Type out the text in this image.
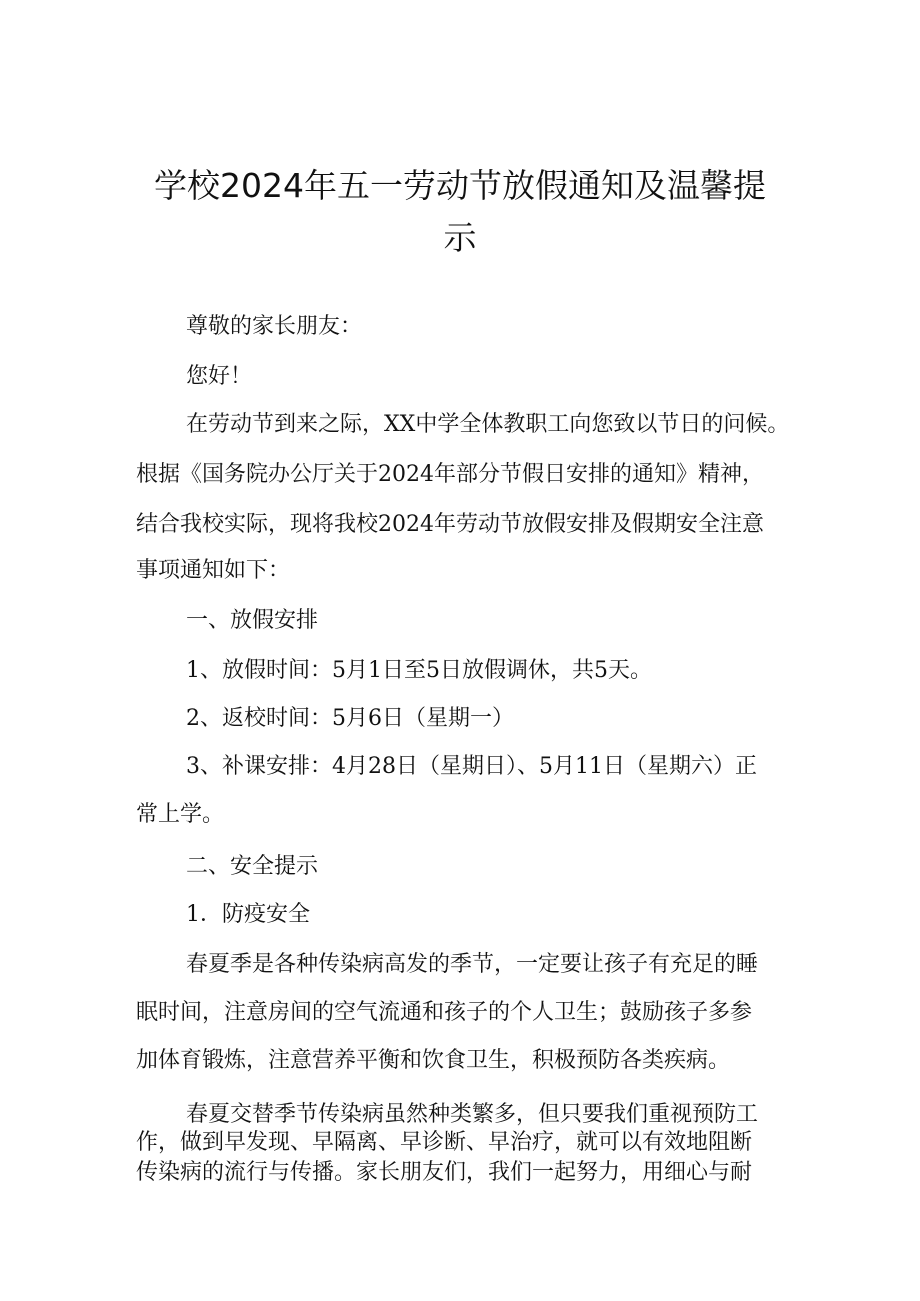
学校2024年五一劳动节放假通知及温馨提
示
尊敬的家长朋友：
您好！
在劳动节到来之际，XX中学全体教职工向您致以节日的问候。
根据《国务院办公厅关于2024年部分节假日安排的通知》精神，
结合我校实际，现将我校2024年劳动节放假安排及假期安全注意
事项通知如下：
一、放假安排
1、放假时间：5月1日至5日放假调休，共5天。
2、返校时间：5月6日（星期一）
3、补课安排：4月28日（星期日）、5月11日（星期六）正
常上学。
二、安全提示
1．防疫安全
春夏季是各种传染病高发的季节，一定要让孩子有充足的睡
眠时间，注意房间的空气流通和孩子的个人卫生；鼓励孩子多参
加体育锻炼，注意营养平衡和饮食卫生，积极预防各类疾病。
春夏交替季节传染病虽然种类繁多，但只要我们重视预防工
作，做到早发现、早隔离、早诊断、早治疗，就可以有效地阻断
传染病的流行与传播。家长朋友们，我们一起努力，用细心与耐
